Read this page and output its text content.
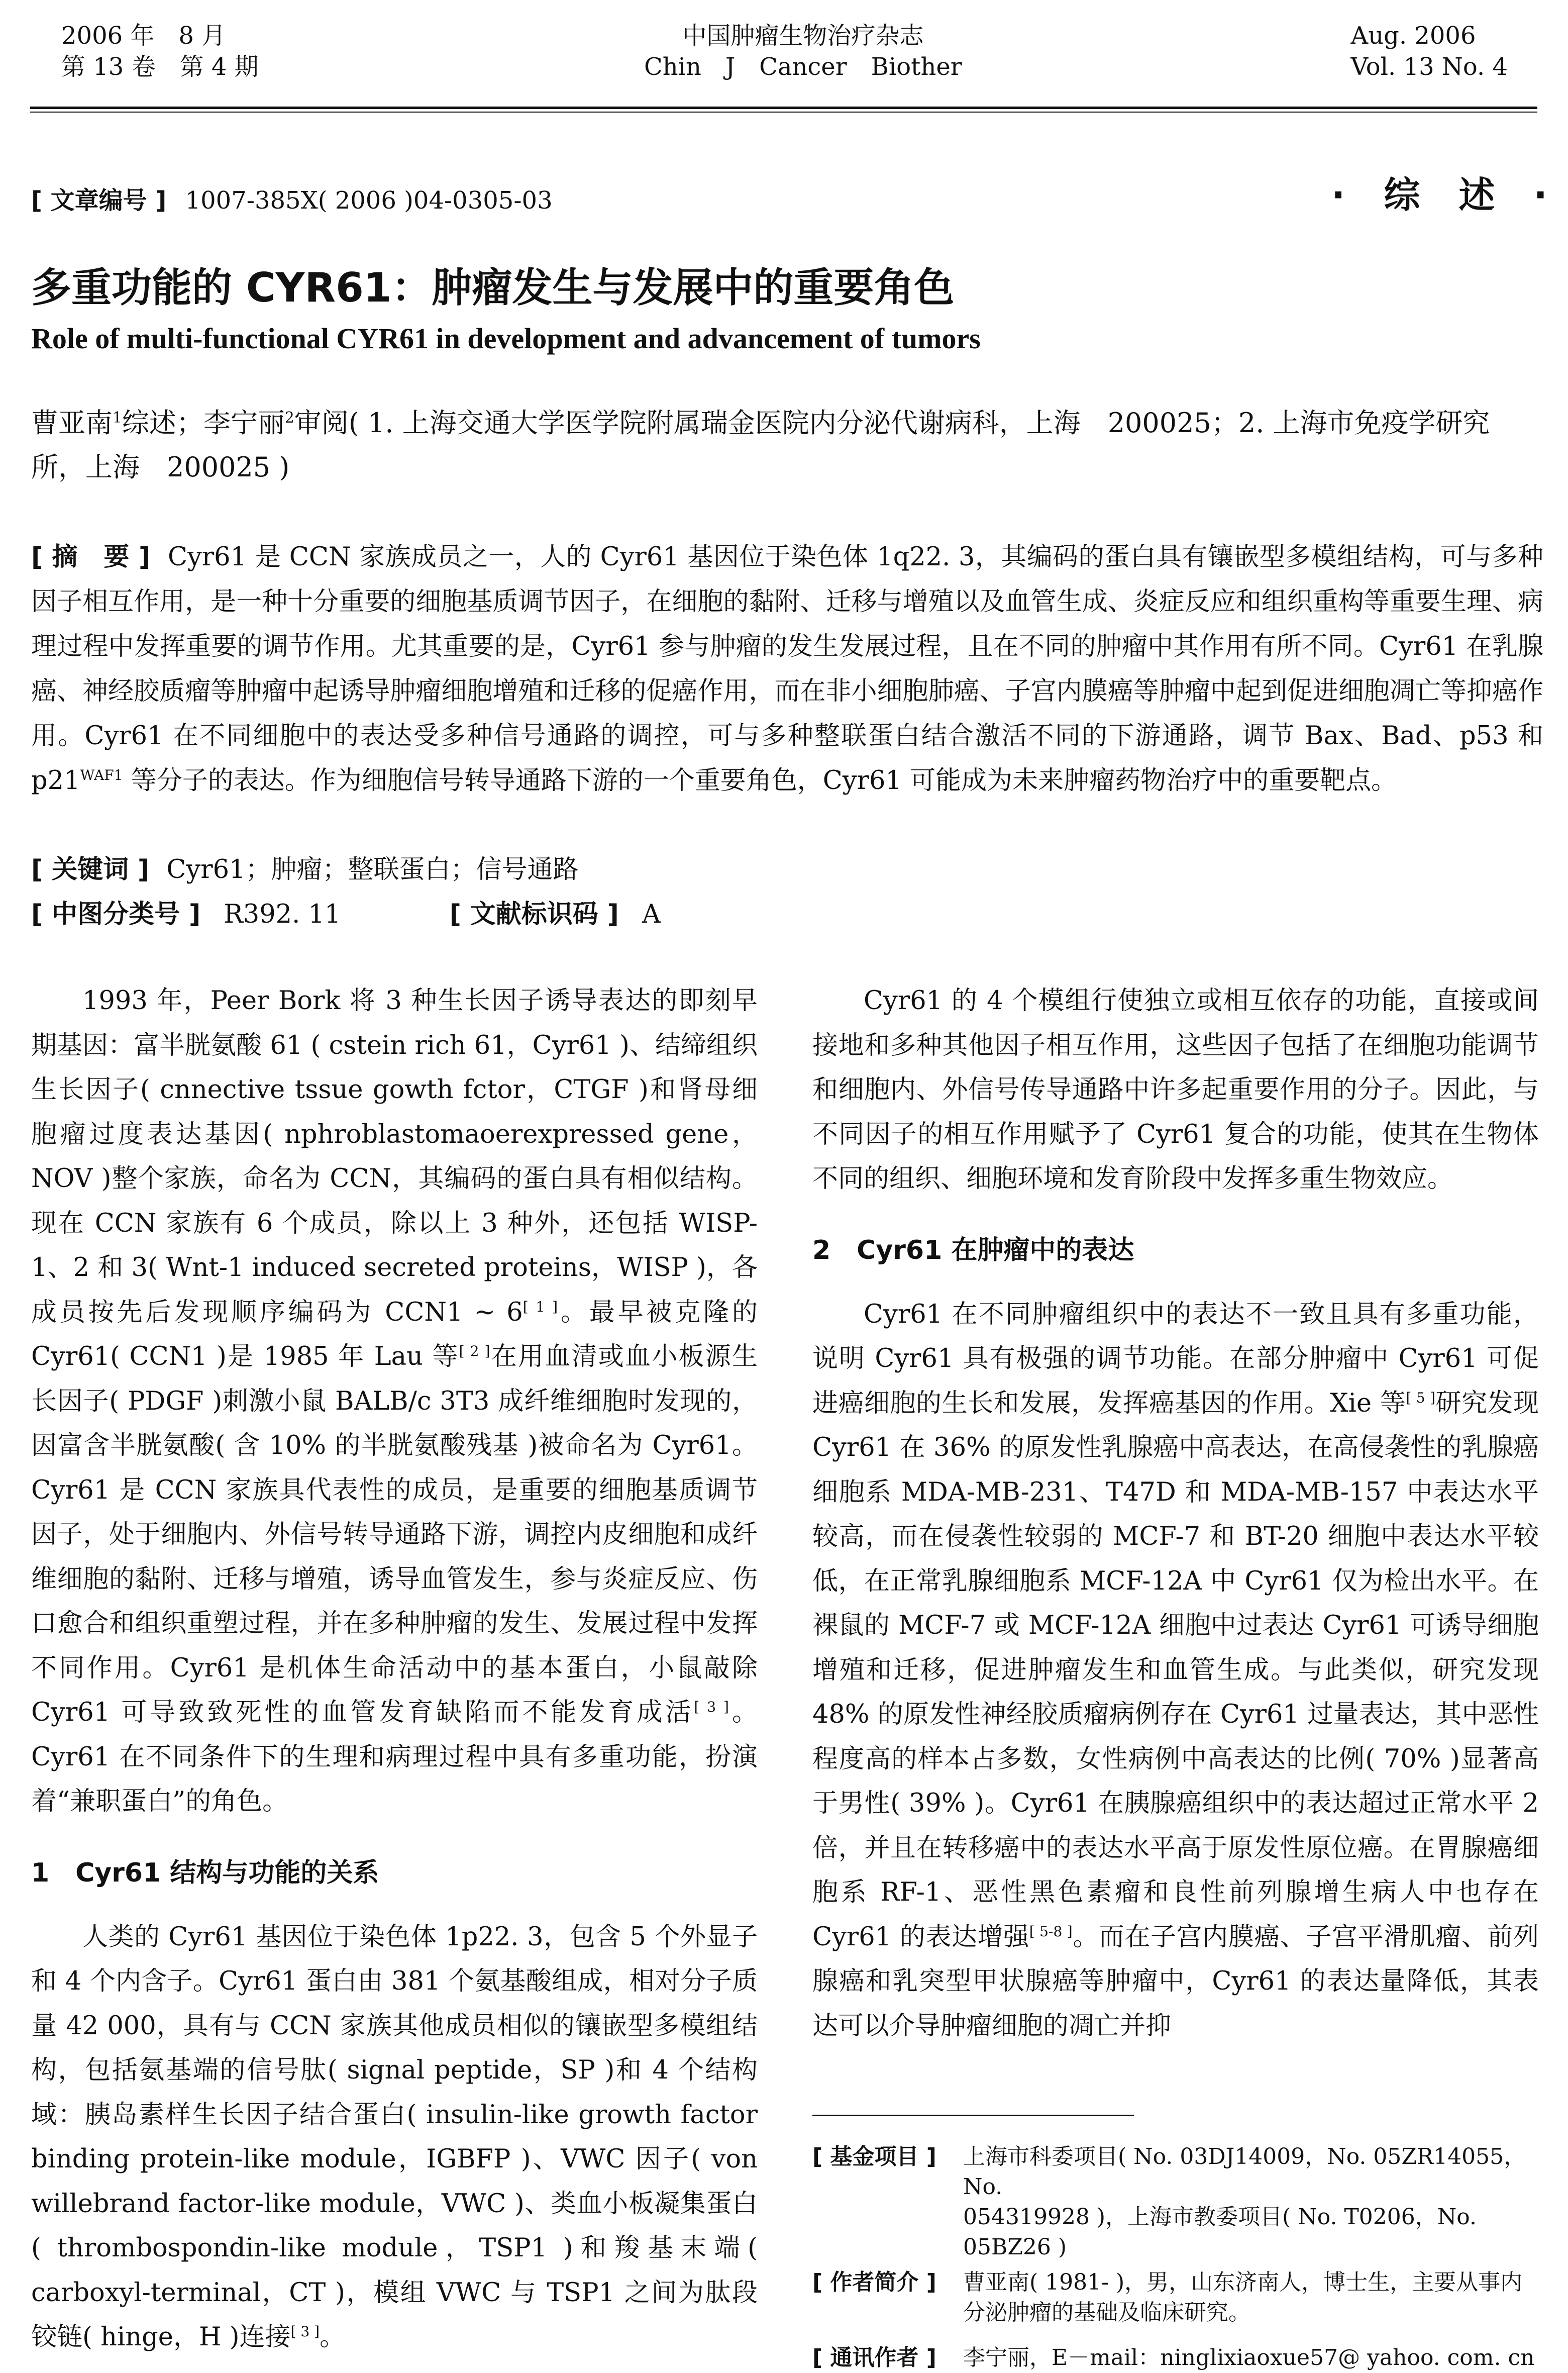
2006 年　8 月
第 13 卷　第 4 期
中国肿瘤生物治疗杂志
Chin　J　Cancer　Biother
Aug. 2006
Vol. 13 No. 4
[ 文章编号 ] 1007-385X( 2006 )04-0305-03	· 综 述 ·
多重功能的 CYR61：肿瘤发生与发展中的重要角色
Role of multi-functional CYR61 in development and advancement of tumors
曹亚南$^1$综述；李宁丽$^2$审阅( 1. 上海交通大学医学院附属瑞金医院内分泌代谢病科，上海　200025；2. 上海市免疫学研究所，上海　200025 )
[ 摘　要 ] Cyr61 是 CCN 家族成员之一，人的 Cyr61 基因位于染色体 1q22. 3，其编码的蛋白具有镶嵌型多模组结构，可与多种因子相互作用，是一种十分重要的细胞基质调节因子，在细胞的黏附、迁移与增殖以及血管生成、炎症反应和组织重构等重要生理、病理过程中发挥重要的调节作用。尤其重要的是，Cyr61 参与肿瘤的发生发展过程，且在不同的肿瘤中其作用有所不同。Cyr61 在乳腺癌、神经胶质瘤等肿瘤中起诱导肿瘤细胞增殖和迁移的促癌作用，而在非小细胞肺癌、子宫内膜癌等肿瘤中起到促进细胞凋亡等抑癌作用。Cyr61 在不同细胞中的表达受多种信号通路的调控，可与多种整联蛋白结合激活不同的下游通路，调节 Bax、Bad、p53 和 $p21^{WAF1}$ 等分子的表达。作为细胞信号转导通路下游的一个重要角色，Cyr61 可能成为未来肿瘤药物治疗中的重要靶点。
[ 关键词 ] Cyr61；肿瘤；整联蛋白；信号通路
[ 中图分类号 ] R392. 11	[ 文献标识码 ] A
1993 年，Peer Bork 将 3 种生长因子诱导表达的即刻早期基因：富半胱氨酸 61 ( cstein rich 61，Cyr61 )、结缔组织生长因子( cnnective tssue gowth fctor，CTGF )和肾母细胞瘤过度表达基因( nphroblastomaoerexpressed gene，NOV )整个家族，命名为 CCN，其编码的蛋白具有相似结构。现在 CCN 家族有 6 个成员，除以上 3 种外，还包括 WISP-1、2 和 3( Wnt-1 induced secreted proteins，WISP )，各成员按先后发现顺序编码为 CCN1 ~ 6[ 1 ]。最早被克隆的 Cyr61( CCN1 )是 1985 年 Lau 等[ 2 ]在用血清或血小板源生长因子( PDGF )刺激小鼠 BALB/c 3T3 成纤维细胞时发现的，因富含半胱氨酸( 含 10% 的半胱氨酸残基 )被命名为 Cyr61。Cyr61 是 CCN 家族具代表性的成员，是重要的细胞基质调节因子，处于细胞内、外信号转导通路下游，调控内皮细胞和成纤维细胞的黏附、迁移与增殖，诱导血管发生，参与炎症反应、伤口愈合和组织重塑过程，并在多种肿瘤的发生、发展过程中发挥不同作用。Cyr61 是机体生命活动中的基本蛋白，小鼠敲除 Cyr61 可导致致死性的血管发育缺陷而不能发育成活[ 3 ]。Cyr61 在不同条件下的生理和病理过程中具有多重功能，扮演着“兼职蛋白”的角色。
1　Cyr61 结构与功能的关系
人类的 Cyr61 基因位于染色体 1p22. 3，包含 5 个外显子和 4 个内含子。Cyr61 蛋白由 381 个氨基酸组成，相对分子质量 42 000，具有与 CCN 家族其他成员相似的镶嵌型多模组结构，包括氨基端的信号肽( signal peptide，SP )和 4 个结构域：胰岛素样生长因子结合蛋白( insulin-like growth factor binding protein-like module，IGBFP )、VWC 因子( von willebrand factor-like module，VWC )、类血小板凝集蛋白( thrombospondin-like module，TSP1 )和羧基末端( carboxyl-terminal，CT )，模组 VWC 与 TSP1 之间为肽段铰链( hinge，H )连接[ 3 ]。
Cyr61 的 4 个模组行使独立或相互依存的功能，直接或间接地和多种其他因子相互作用，这些因子包括了在细胞功能调节和细胞内、外信号传导通路中许多起重要作用的分子。因此，与不同因子的相互作用赋予了 Cyr61 复合的功能，使其在生物体不同的组织、细胞环境和发育阶段中发挥多重生物效应。
2　Cyr61 在肿瘤中的表达
Cyr61 在不同肿瘤组织中的表达不一致且具有多重功能，说明 Cyr61 具有极强的调节功能。在部分肿瘤中 Cyr61 可促进癌细胞的生长和发展，发挥癌基因的作用。Xie 等[ 5 ]研究发现 Cyr61 在 36% 的原发性乳腺癌中高表达，在高侵袭性的乳腺癌细胞系 MDA-MB-231、T47D 和 MDA-MB-157 中表达水平较高，而在侵袭性较弱的 MCF-7 和 BT-20 细胞中表达水平较低，在正常乳腺细胞系 MCF-12A 中 Cyr61 仅为检出水平。在裸鼠的 MCF-7 或 MCF-12A 细胞中过表达 Cyr61 可诱导细胞增殖和迁移，促进肿瘤发生和血管生成。与此类似，研究发现 48% 的原发性神经胶质瘤病例存在 Cyr61 过量表达，其中恶性程度高的样本占多数，女性病例中高表达的比例( 70% )显著高于男性( 39% )。Cyr61 在胰腺癌组织中的表达超过正常水平 2 倍，并且在转移癌中的表达水平高于原发性原位癌。在胃腺癌细胞系 RF-1、恶性黑色素瘤和良性前列腺增生病人中也存在 Cyr61 的表达增强[ 5-8 ]。而在子宫内膜癌、子宫平滑肌瘤、前列腺癌和乳突型甲状腺癌等肿瘤中，Cyr61 的表达量降低，其表达可以介导肿瘤细胞的凋亡并抑
[ 基金项目 ]	上海市科委项目( No. 03DJ14009，No. 05ZR14055，No.
054319928 )，上海市教委项目( No. T0206，No. 05BZ26 )
[ 作者简介 ]	曹亚南( 1981- )，男，山东济南人，博士生，主要从事内
分泌肿瘤的基础及临床研究。
[ 通讯作者 ]	李宁丽，E－mail：ninglixiaoxue57@ yahoo. com. cn
